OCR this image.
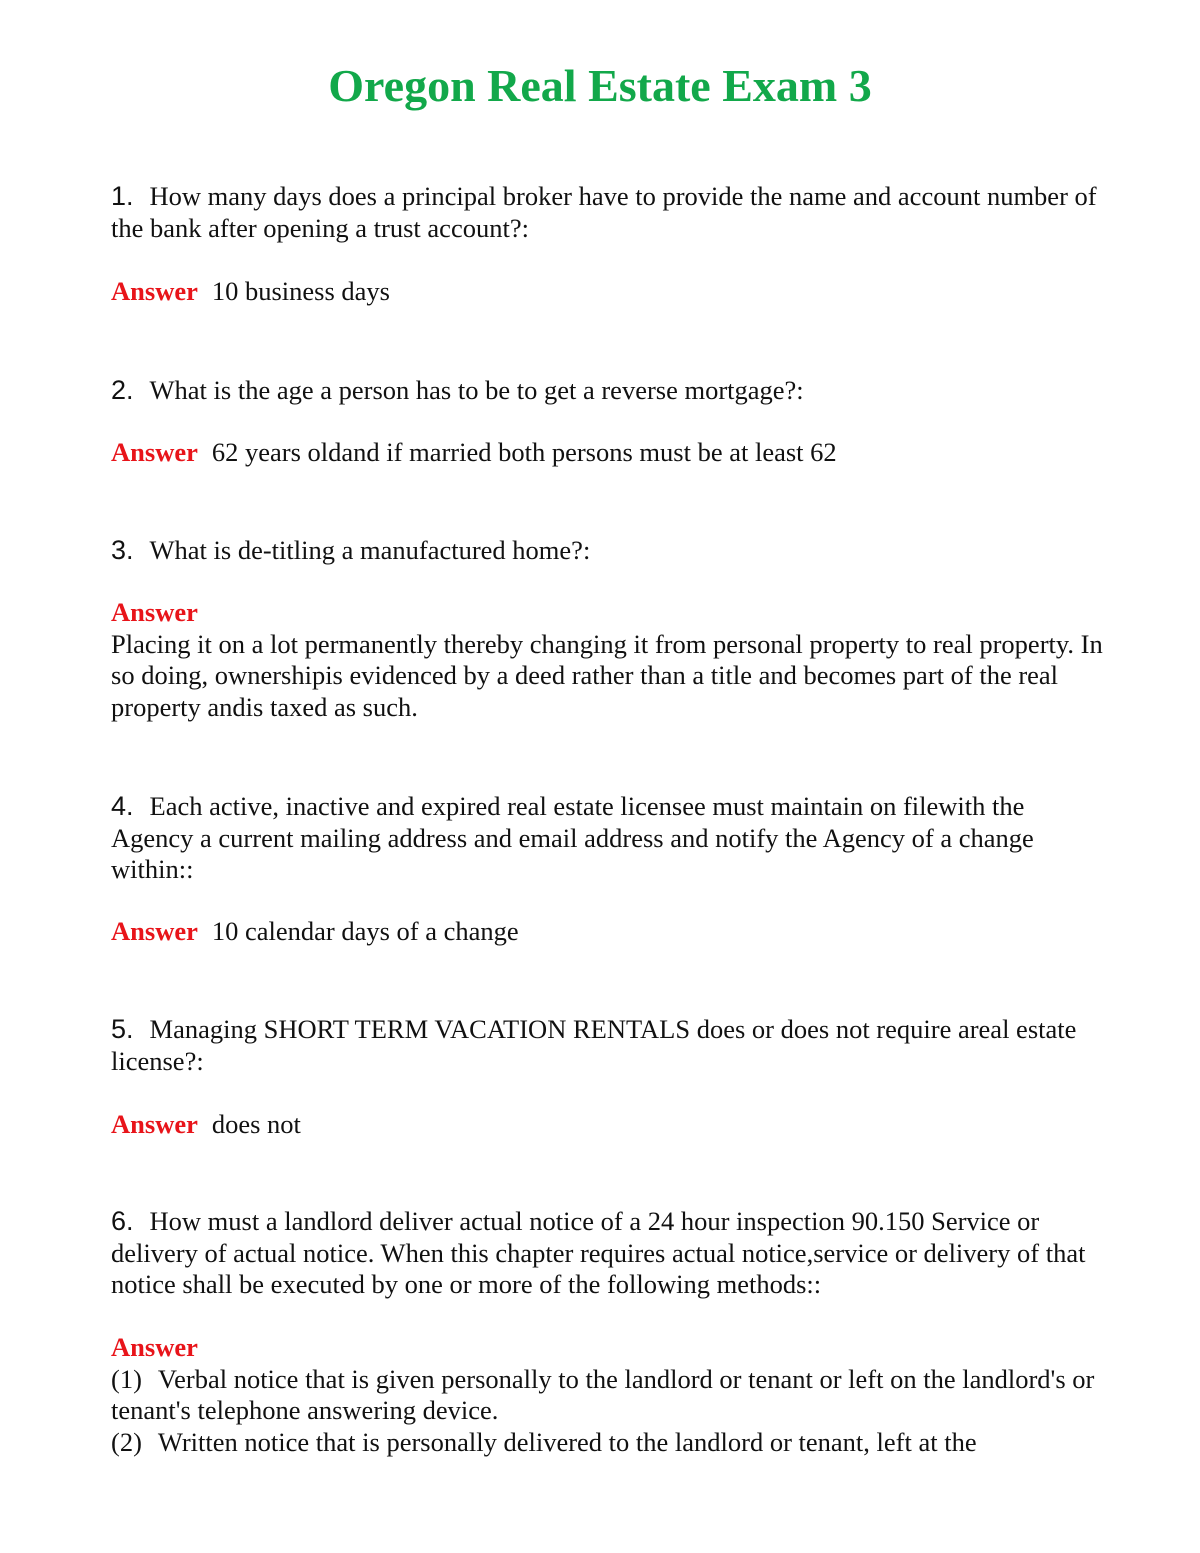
Oregon Real Estate Exam 3

1. How many days does a principal broker have to provide the name and account number of the bank after opening a trust account?:

Answer 10 business days

2. What is the age a person has to be to get a reverse mortgage?:

Answer 62 years oldand if married both persons must be at least 62

3. What is de-titling a manufactured home?:

Answer

Placing it on a lot permanently thereby changing it from personal property to real property. In so doing, ownershipis evidenced by a deed rather than a title and becomes part of the real property andis taxed as such.

4. Each active, inactive and expired real estate licensee must maintain on filewith the Agency a current mailing address and email address and notify the Agency of a change within::

Answer 10 calendar days of a change

5. Managing SHORT TERM VACATION RENTALS does or does not require areal estate license?:

Answer does not

6. How must a landlord deliver actual notice of a 24 hour inspection 90.150 Service or delivery of actual notice. When this chapter requires actual notice,service or delivery of that notice shall be executed by one or more of the following methods::

Answer

(1) Verbal notice that is given personally to the landlord or tenant or left on the landlord's or tenant's telephone answering device.

(2) Written notice that is personally delivered to the landlord or tenant, left at the
